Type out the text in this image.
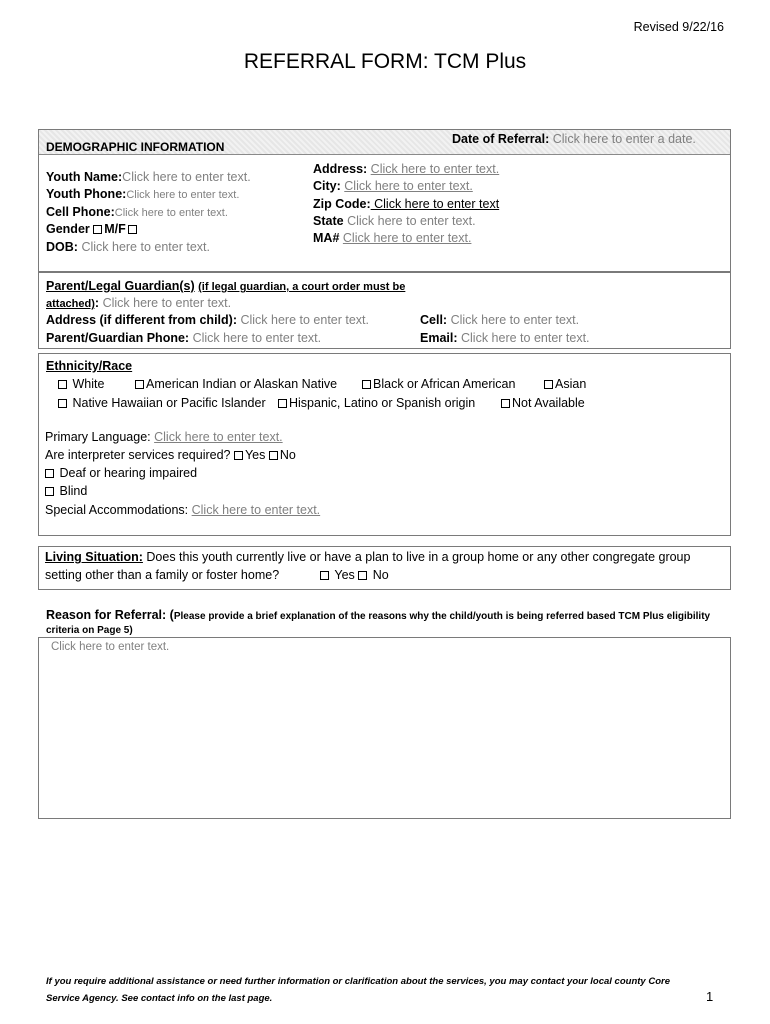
Revised 9/22/16
REFERRAL FORM: TCM Plus
DEMOGRAPHIC INFORMATION
Date of Referral: Click here to enter a date.
Youth Name:Click here to enter text.
Youth Phone:Click here to enter text.
Cell Phone:Click here to enter text.
Gender M/F
DOB: Click here to enter text.
Address: Click here to enter text.
City: Click here to enter text.
Zip Code: Click here to enter text
State Click here to enter text.
MA# Click here to enter text.
Parent/Legal Guardian(s) (if legal guardian, a court order must be
attached): Click here to enter text.
Address (if different from child): Click here to enter text.
Parent/Guardian Phone: Click here to enter text.
Cell: Click here to enter text.
Email: Click here to enter text.
Ethnicity/Race
White	American Indian or Alaskan Native	Black or African American	Asian
Native Hawaiian or Pacific Islander	Hispanic, Latino or Spanish origin	Not Available
Primary Language: Click here to enter text.
Are interpreter services required? Yes No
Deaf or hearing impaired
Blind
Special Accommodations: Click here to enter text.
Living Situation: Does this youth currently live or have a plan to live in a group home or any other congregate group
setting other than a family or foster home?	Yes No
Reason for Referral: (Please provide a brief explanation of the reasons why the child/youth is being referred based TCM Plus eligibility
criteria on Page 5)
Click here to enter text.
If you require additional assistance or need further information or clarification about the services, you may contact your local county Core
Service Agency. See contact info on the last page.	1
